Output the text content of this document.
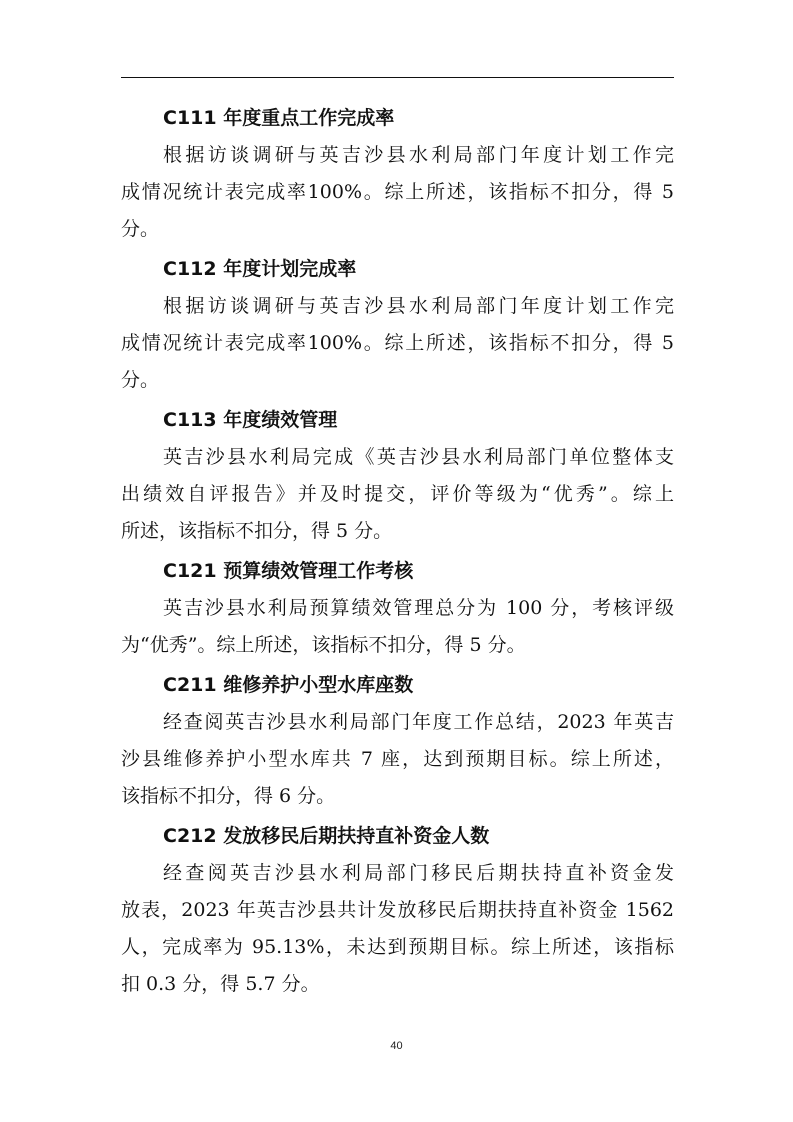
C111 年度重点工作完成率

根据访谈调研与英吉沙县水利局部门年度计划工作完
成情况统计表完成率100%。综上所述，该指标不扣分，得 5
分。

C112 年度计划完成率

根据访谈调研与英吉沙县水利局部门年度计划工作完
成情况统计表完成率100%。综上所述，该指标不扣分，得 5
分。

C113 年度绩效管理

英吉沙县水利局完成《英吉沙县水利局部门单位整体支
出绩效自评报告》并及时提交，评价等级为“优秀”。综上
所述，该指标不扣分，得 5 分。

C121 预算绩效管理工作考核

英吉沙县水利局预算绩效管理总分为 100 分，考核评级
为“优秀”。综上所述，该指标不扣分，得 5 分。

C211 维修养护小型水库座数

经查阅英吉沙县水利局部门年度工作总结，2023 年英吉
沙县维修养护小型水库共 7 座，达到预期目标。综上所述，
该指标不扣分，得 6 分。

C212 发放移民后期扶持直补资金人数

经查阅英吉沙县水利局部门移民后期扶持直补资金发
放表，2023 年英吉沙县共计发放移民后期扶持直补资金 1562
人，完成率为 95.13%，未达到预期目标。综上所述，该指标
扣 0.3 分，得 5.7 分。

40
